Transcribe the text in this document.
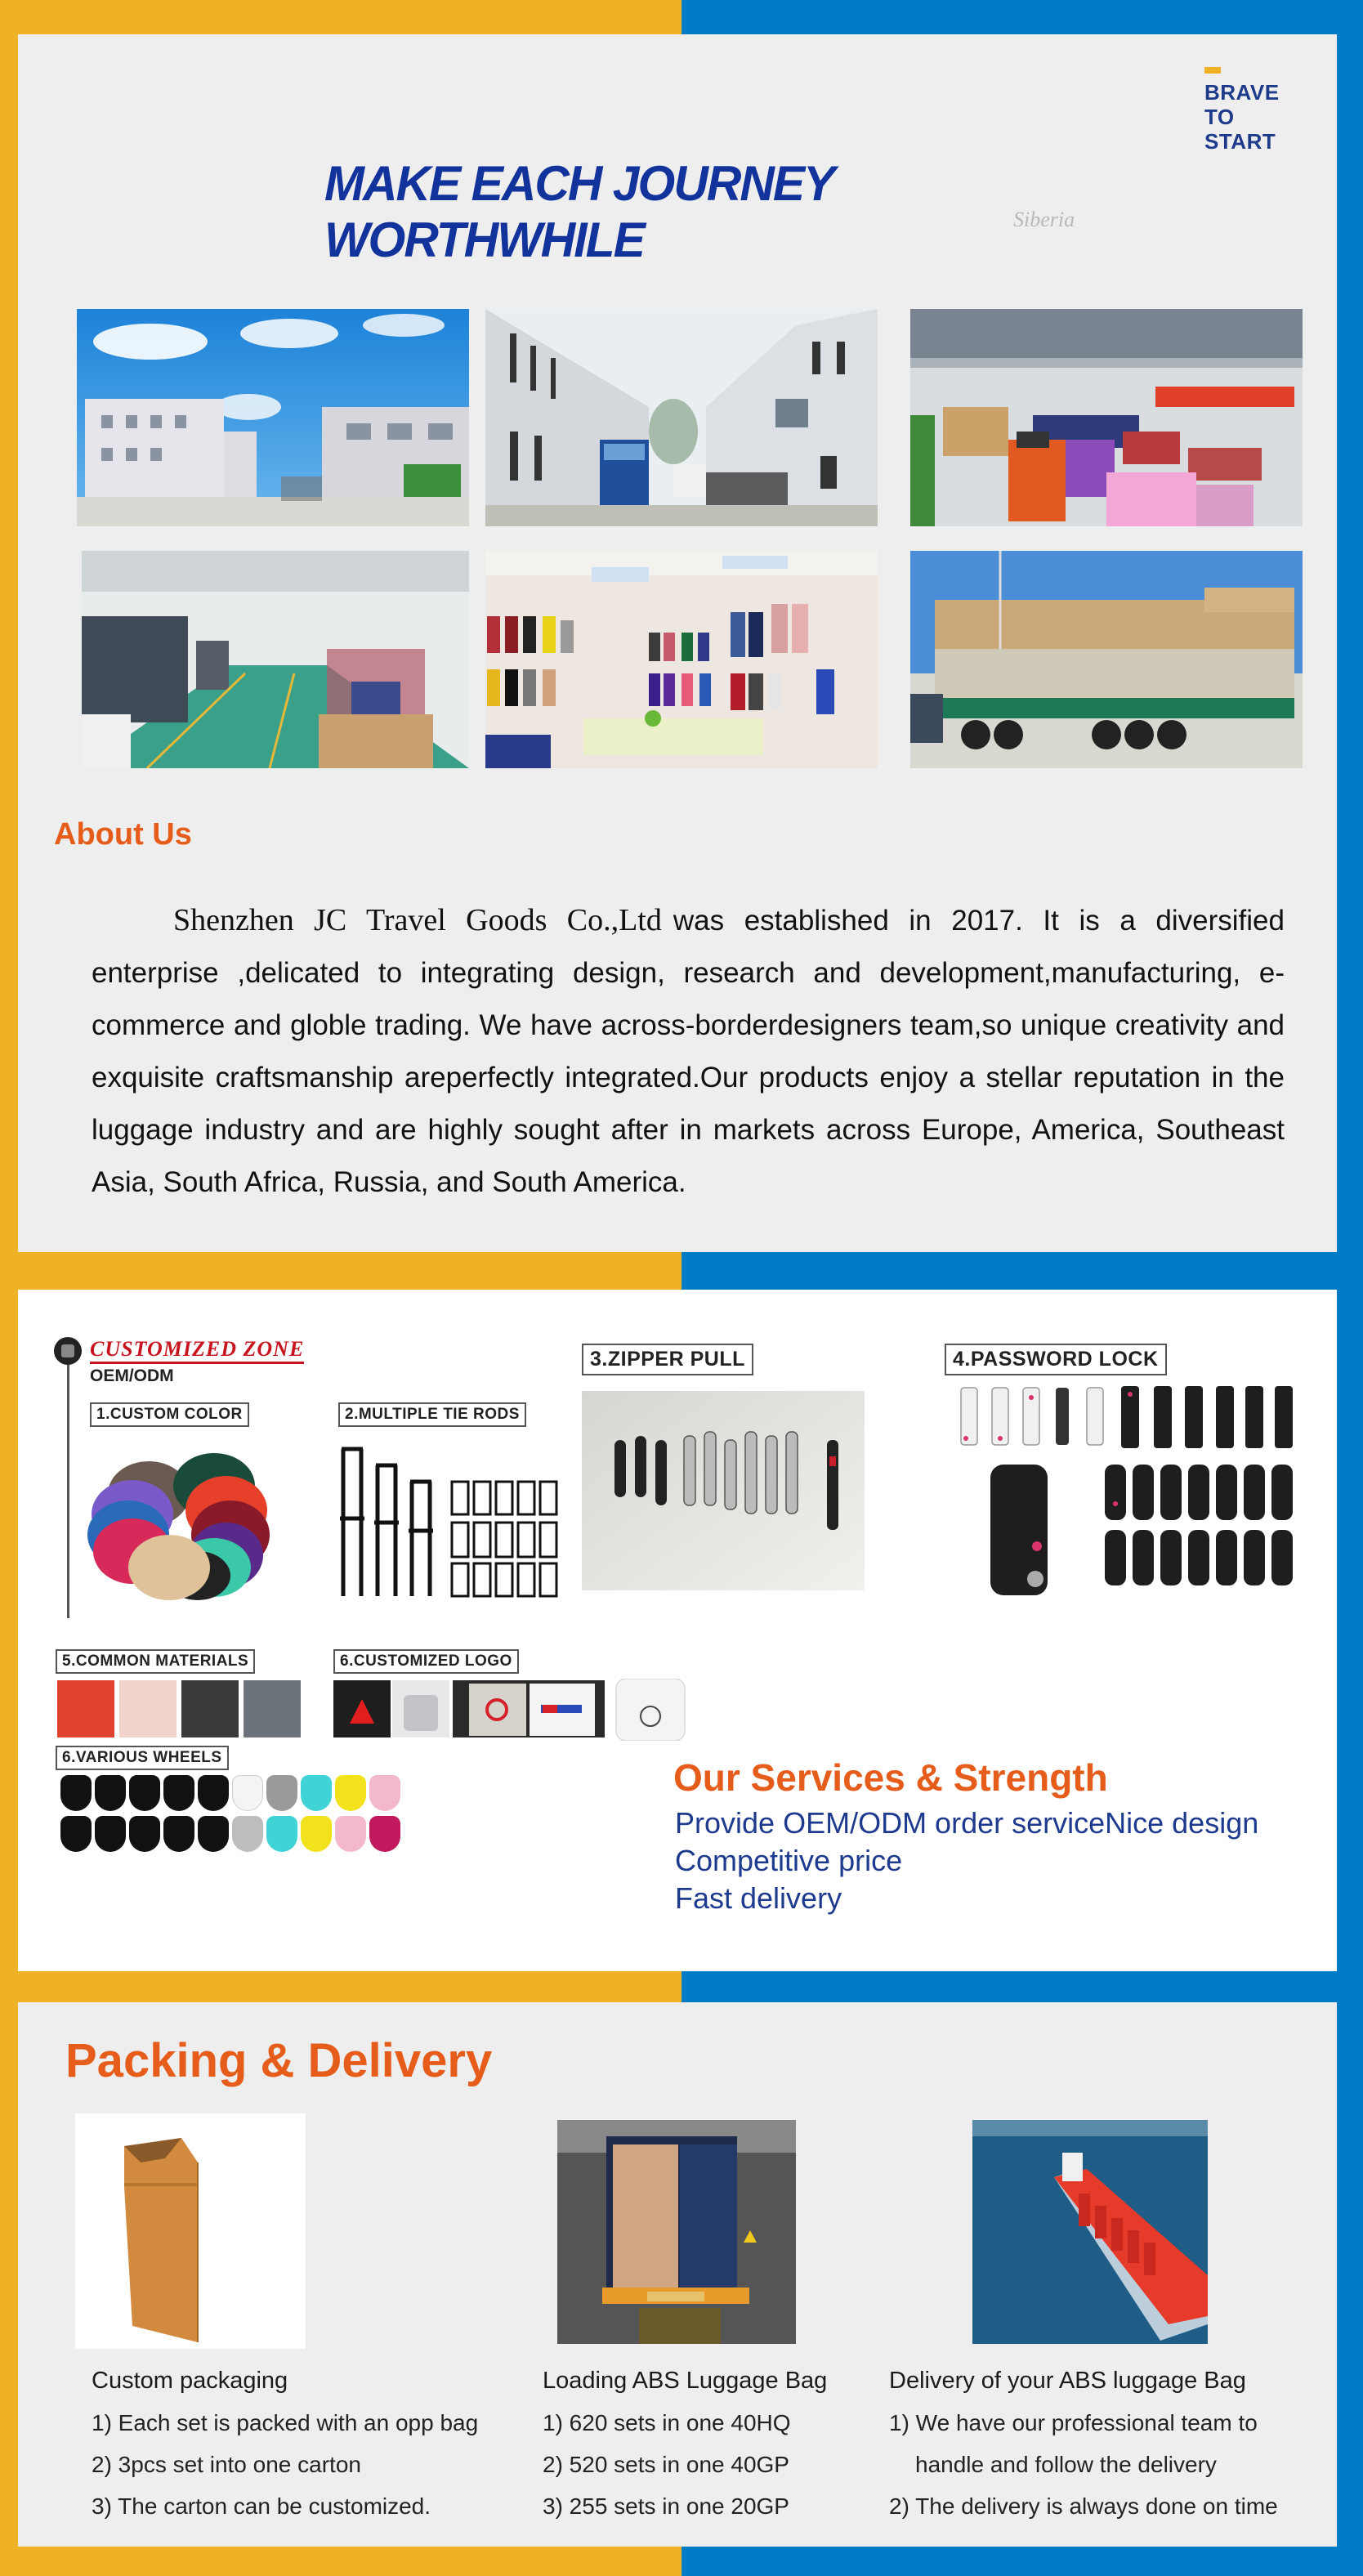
BRAVE
TO
START
MAKE EACH JOURNEY WORTHWHILE	Siberia
About Us
Shenzhen JC Travel Goods Co.,Ltd was established in 2017. It is a diversified enterprise ,delicated to integrating design, research and development,manufacturing, e-commerce and globle trading. We have across-borderdesigners team,so unique creativity and exquisite craftsmanship areperfectly integrated.Our products enjoy a stellar reputation in the luggage industry and are highly sought after in markets across Europe, America, Southeast Asia, South Africa, Russia, and South America.
CUSTOMIZED ZONE
OEM/ODM
1.CUSTOM COLOR	2.MULTIPLE TIE RODS
3.ZIPPER PULL	4.PASSWORD LOCK
5.COMMON MATERIALS	6.CUSTOMIZED LOGO
6.VARIOUS WHEELS	Our Services & Strength
Provide OEM/ODM order serviceNice design
Competitive price
Fast delivery
Packing & Delivery
Custom packaging
1) Each set is packed with an opp bag
2) 3pcs set into one carton
3) The carton can be customized.
Loading ABS Luggage Bag
1) 620 sets in one 40HQ
2) 520 sets in one 40GP
3) 255 sets in one 20GP
Delivery of your ABS luggage Bag
1) We have our professional team to
handle and follow the delivery
2) The delivery is always done on time
